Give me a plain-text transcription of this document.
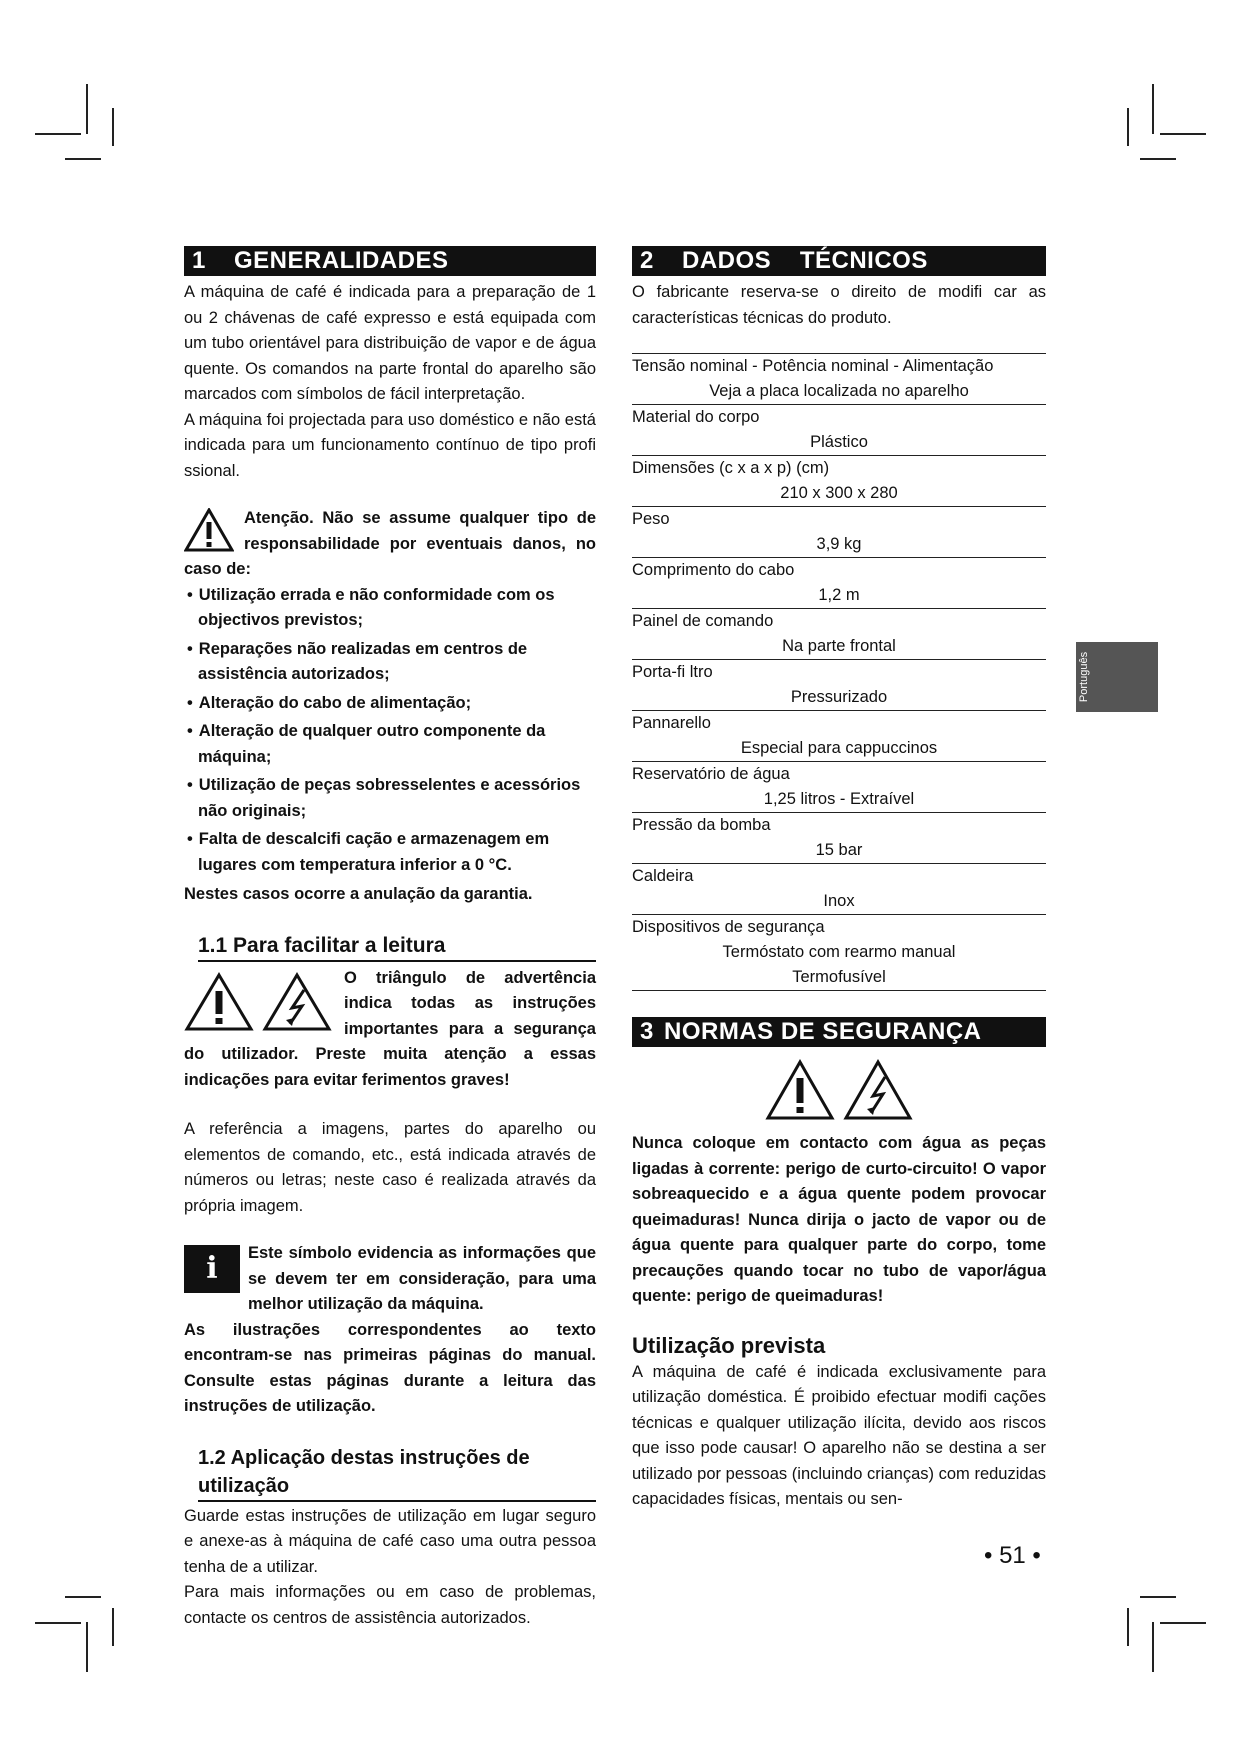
1 GENERALIDADES

A máquina de café é indicada para a preparação de 1 ou 2 chávenas de café expresso e está equipada com um tubo orientável para distribuição de vapor e de água quente. Os comandos na parte frontal do aparelho são marcados com símbolos de fácil interpretação.

A máquina foi projectada para uso doméstico e não está indicada para um funcionamento contínuo de tipo profi ssional.

Atenção. Não se assume qualquer tipo de responsabilidade por eventuais danos, no caso de:

• Utilização errada e não conformidade com os objectivos previstos;
• Reparações não realizadas em centros de assistência autorizados;
• Alteração do cabo de alimentação;
• Alteração de qualquer outro componente da máquina;
• Utilização de peças sobresselentes e acessórios não originais;
• Falta de descalcifi cação e armazenagem em lugares com temperatura inferior a 0 °C.

Nestes casos ocorre a anulação da garantia.

1.1 Para facilitar a leitura

O triângulo de advertência indica todas as instruções importantes para a segurança do utilizador. Preste muita atenção a essas indicações para evitar ferimentos graves!

A referência a imagens, partes do aparelho ou elementos de comando, etc., está indicada através de números ou letras; neste caso é realizada através da própria imagem.

i	Este símbolo evidencia as informações que se devem ter em consideração, para uma melhor utilização da máquina.

As ilustrações correspondentes ao texto encontram-se nas primeiras páginas do manual. Consulte estas páginas durante a leitura das instruções de utilização.

1.2 Aplicação destas instruções de utilização

Guarde estas instruções de utilização em lugar seguro e anexe-as à máquina de café caso uma outra pessoa tenha de a utilizar.

Para mais informações ou em caso de problemas, contacte os centros de assistência autorizados.

2 DADOS    TÉCNICOS

O fabricante reserva-se o direito de modifi car as características técnicas do produto.

Tensão nominal - Potência nominal - Alimentação
Veja a placa localizada no aparelho
Material do corpo
Plástico
Dimensões (c x a x p) (cm)
210 x 300 x 280
Peso
3,9 kg
Comprimento do cabo
1,2 m
Painel de comando
Na parte frontal
Porta-fi ltro
Pressurizado
Pannarello
Especial para cappuccinos
Reservatório de água
1,25 litros - Extraível
Pressão da bomba
15 bar
Caldeira
Inox
Dispositivos de segurança
Termóstato com rearmo manual
Termofusível
3 NORMAS DE SEGURANÇA

Nunca coloque em contacto com água as peças ligadas à corrente: perigo de curto-circuito! O vapor sobreaquecido e a água quente podem provocar queimaduras! Nunca dirija o jacto de vapor ou de água quente para qualquer parte do corpo, tome precauções quando tocar no tubo de vapor/água quente: perigo de queimaduras!

Utilização prevista

A máquina de café é indicada exclusivamente para utilização doméstica. É proibido efectuar modifi cações técnicas e qualquer utilização ilícita, devido aos riscos que isso pode causar! O aparelho não se destina a ser utilizado por pessoas (incluindo crianças) com reduzidas capacidades físicas, mentais ou sen-

Português
• 51 •
